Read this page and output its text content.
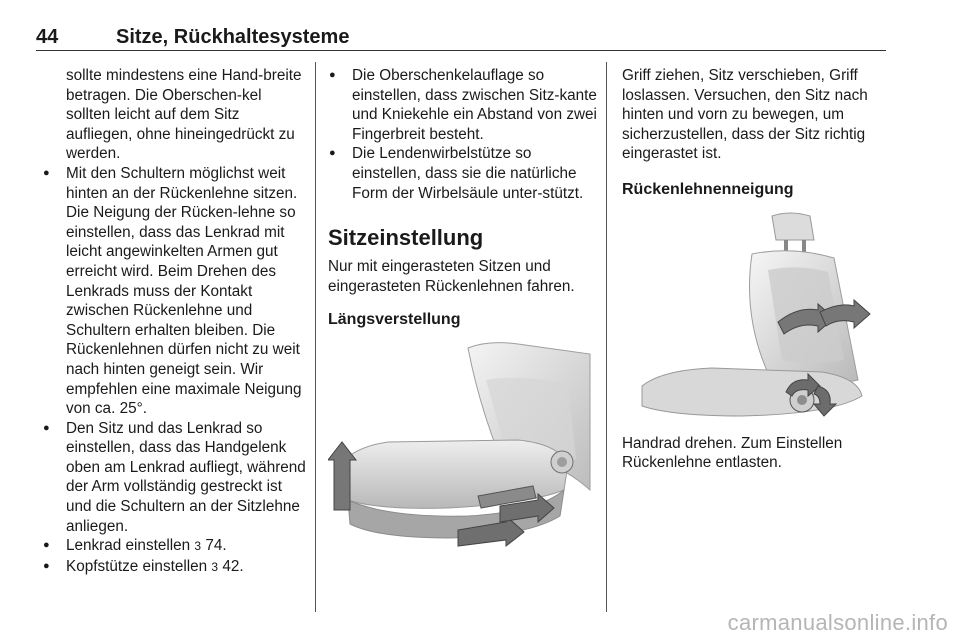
44	Sitze, Rückhaltesysteme

sollte mindestens eine Hand-breite betragen. Die Oberschen-kel sollten leicht auf dem Sitz aufliegen, ohne hineingedrückt zu werden.

● Mit den Schultern möglichst weit hinten an der Rückenlehne sitzen. Die Neigung der Rücken-lehne so einstellen, dass das Lenkrad mit leicht angewinkelten Armen gut erreicht wird. Beim Drehen des Lenkrads muss der Kontakt zwischen Rückenlehne und Schultern erhalten bleiben. Die Rückenlehnen dürfen nicht zu weit nach hinten geneigt sein. Wir empfehlen eine maximale Neigung von ca. 25°.

● Den Sitz und das Lenkrad so einstellen, dass das Handgelenk oben am Lenkrad aufliegt, während der Arm vollständig gestreckt ist und die Schultern an der Sitzlehne anliegen.

● Lenkrad einstellen 3 74.

● Kopfstütze einstellen 3 42.

● Die Oberschenkelauflage so einstellen, dass zwischen Sitz-kante und Kniekehle ein Abstand von zwei Fingerbreit besteht.

● Die Lendenwirbelstütze so einstellen, dass sie die natürliche Form der Wirbelsäule unter-stützt.

Sitzeinstellung

Nur mit eingerasteten Sitzen und eingerasteten Rückenlehnen fahren.

Längsverstellung

Griff ziehen, Sitz verschieben, Griff loslassen. Versuchen, den Sitz nach hinten und vorn zu bewegen, um sicherzustellen, dass der Sitz richtig eingerastet ist.

Rückenlehnenneigung

Handrad drehen. Zum Einstellen Rückenlehne entlasten.

carmanualsonline.info
